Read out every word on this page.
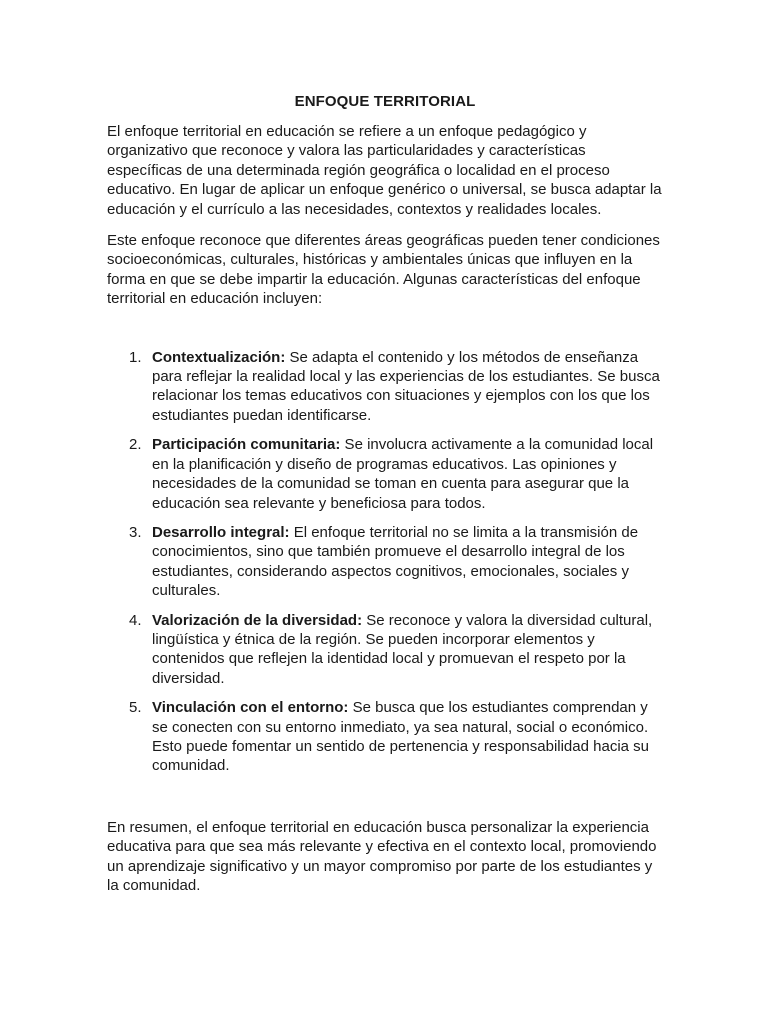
ENFOQUE TERRITORIAL

El enfoque territorial en educación se refiere a un enfoque pedagógico y organizativo que reconoce y valora las particularidades y características específicas de una determinada región geográfica o localidad en el proceso educativo. En lugar de aplicar un enfoque genérico o universal, se busca adaptar la educación y el currículo a las necesidades, contextos y realidades locales.

Este enfoque reconoce que diferentes áreas geográficas pueden tener condiciones socioeconómicas, culturales, históricas y ambientales únicas que influyen en la forma en que se debe impartir la educación. Algunas características del enfoque territorial en educación incluyen:

1. Contextualización: Se adapta el contenido y los métodos de enseñanza para reflejar la realidad local y las experiencias de los estudiantes. Se busca relacionar los temas educativos con situaciones y ejemplos con los que los estudiantes puedan identificarse.
2. Participación comunitaria: Se involucra activamente a la comunidad local en la planificación y diseño de programas educativos. Las opiniones y necesidades de la comunidad se toman en cuenta para asegurar que la educación sea relevante y beneficiosa para todos.
3. Desarrollo integral: El enfoque territorial no se limita a la transmisión de conocimientos, sino que también promueve el desarrollo integral de los estudiantes, considerando aspectos cognitivos, emocionales, sociales y culturales.
4. Valorización de la diversidad: Se reconoce y valora la diversidad cultural, lingüística y étnica de la región. Se pueden incorporar elementos y contenidos que reflejen la identidad local y promuevan el respeto por la diversidad.
5. Vinculación con el entorno: Se busca que los estudiantes comprendan y se conecten con su entorno inmediato, ya sea natural, social o económico. Esto puede fomentar un sentido de pertenencia y responsabilidad hacia su comunidad.

En resumen, el enfoque territorial en educación busca personalizar la experiencia educativa para que sea más relevante y efectiva en el contexto local, promoviendo un aprendizaje significativo y un mayor compromiso por parte de los estudiantes y la comunidad.
